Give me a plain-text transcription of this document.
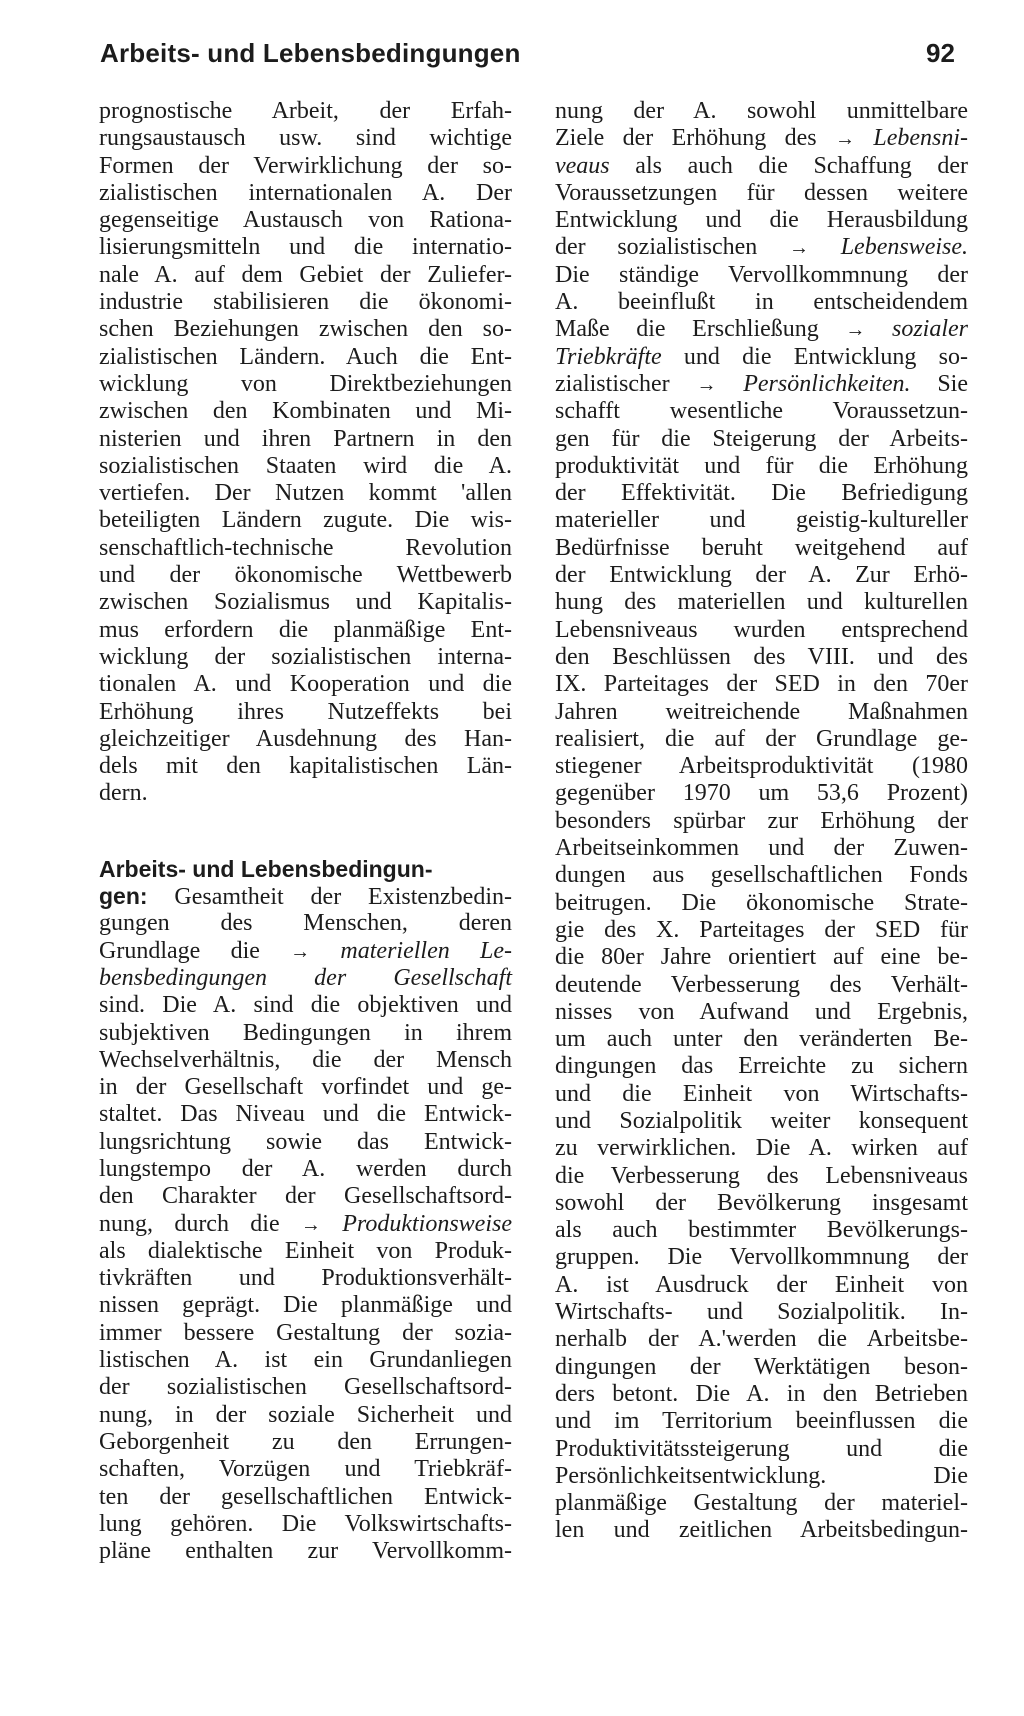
Arbeits- und Lebensbedingungen	92
prognostische Arbeit, der Erfah-
rungsaustausch usw. sind wichtige
Formen der Verwirklichung der so-
zialistischen internationalen A. Der
gegenseitige Austausch von Rationa-
lisierungsmitteln und die internatio-
nale A. auf dem Gebiet der Zuliefer-
industrie stabilisieren die ökonomi-
schen Beziehungen zwischen den so-
zialistischen Ländern. Auch die Ent-
wicklung von Direktbeziehungen
zwischen den Kombinaten und Mi-
nisterien und ihren Partnern in den
sozialistischen Staaten wird die A.
vertiefen. Der Nutzen kommt 'allen
beteiligten Ländern zugute. Die wis-
senschaftlich-technische Revolution
und der ökonomische Wettbewerb
zwischen Sozialismus und Kapitalis-
mus erfordern die planmäßige Ent-
wicklung der sozialistischen interna-
tionalen A. und Kooperation und die
Erhöhung ihres Nutzeffekts bei
gleichzeitiger Ausdehnung des Han-
dels mit den kapitalistischen Län-
dern.
Arbeits- und Lebensbedingun-
gen: Gesamtheit der Existenzbedin-
gungen des Menschen, deren
Grundlage die → materiellen Le-
bensbedingungen der Gesellschaft
sind. Die A. sind die objektiven und
subjektiven Bedingungen in ihrem
Wechselverhältnis, die der Mensch
in der Gesellschaft vorfindet und ge-
staltet. Das Niveau und die Entwick-
lungsrichtung sowie das Entwick-
lungstempo der A. werden durch
den Charakter der Gesellschaftsord-
nung, durch die → Produktionsweise
als dialektische Einheit von Produk-
tivkräften und Produktionsverhält-
nissen geprägt. Die planmäßige und
immer bessere Gestaltung der sozia-
listischen A. ist ein Grundanliegen
der sozialistischen Gesellschaftsord-
nung, in der soziale Sicherheit und
Geborgenheit zu den Errungen-
schaften, Vorzügen und Triebkräf-
ten der gesellschaftlichen Entwick-
lung gehören. Die Volkswirtschafts-
pläne enthalten zur Vervollkomm-
nung der A. sowohl unmittelbare
Ziele der Erhöhung des → Lebensni-
veaus als auch die Schaffung der
Voraussetzungen für dessen weitere
Entwicklung und die Herausbildung
der sozialistischen → Lebensweise.
Die ständige Vervollkommnung der
A. beeinflußt in entscheidendem
Maße die Erschließung → sozialer
Triebkräfte und die Entwicklung so-
zialistischer → Persönlichkeiten. Sie
schafft wesentliche Voraussetzun-
gen für die Steigerung der Arbeits-
produktivität und für die Erhöhung
der Effektivität. Die Befriedigung
materieller und geistig-kultureller
Bedürfnisse beruht weitgehend auf
der Entwicklung der A. Zur Erhö-
hung des materiellen und kulturellen
Lebensniveaus wurden entsprechend
den Beschlüssen des VIII. und des
IX. Parteitages der SED in den 70er
Jahren weitreichende Maßnahmen
realisiert, die auf der Grundlage ge-
stiegener Arbeitsproduktivität (1980
gegenüber 1970 um 53,6 Prozent)
besonders spürbar zur Erhöhung der
Arbeitseinkommen und der Zuwen-
dungen aus gesellschaftlichen Fonds
beitrugen. Die ökonomische Strate-
gie des X. Parteitages der SED für
die 80er Jahre orientiert auf eine be-
deutende Verbesserung des Verhält-
nisses von Aufwand und Ergebnis,
um auch unter den veränderten Be-
dingungen das Erreichte zu sichern
und die Einheit von Wirtschafts-
und Sozialpolitik weiter konsequent
zu verwirklichen. Die A. wirken auf
die Verbesserung des Lebensniveaus
sowohl der Bevölkerung insgesamt
als auch bestimmter Bevölkerungs-
gruppen. Die Vervollkommnung der
A. ist Ausdruck der Einheit von
Wirtschafts- und Sozialpolitik. In-
nerhalb der A.'werden die Arbeitsbe-
dingungen der Werktätigen beson-
ders betont. Die A. in den Betrieben
und im Territorium beeinflussen die
Produktivitätssteigerung und die
Persönlichkeitsentwicklung. Die
planmäßige Gestaltung der materiel-
len und zeitlichen Arbeitsbedingun-
